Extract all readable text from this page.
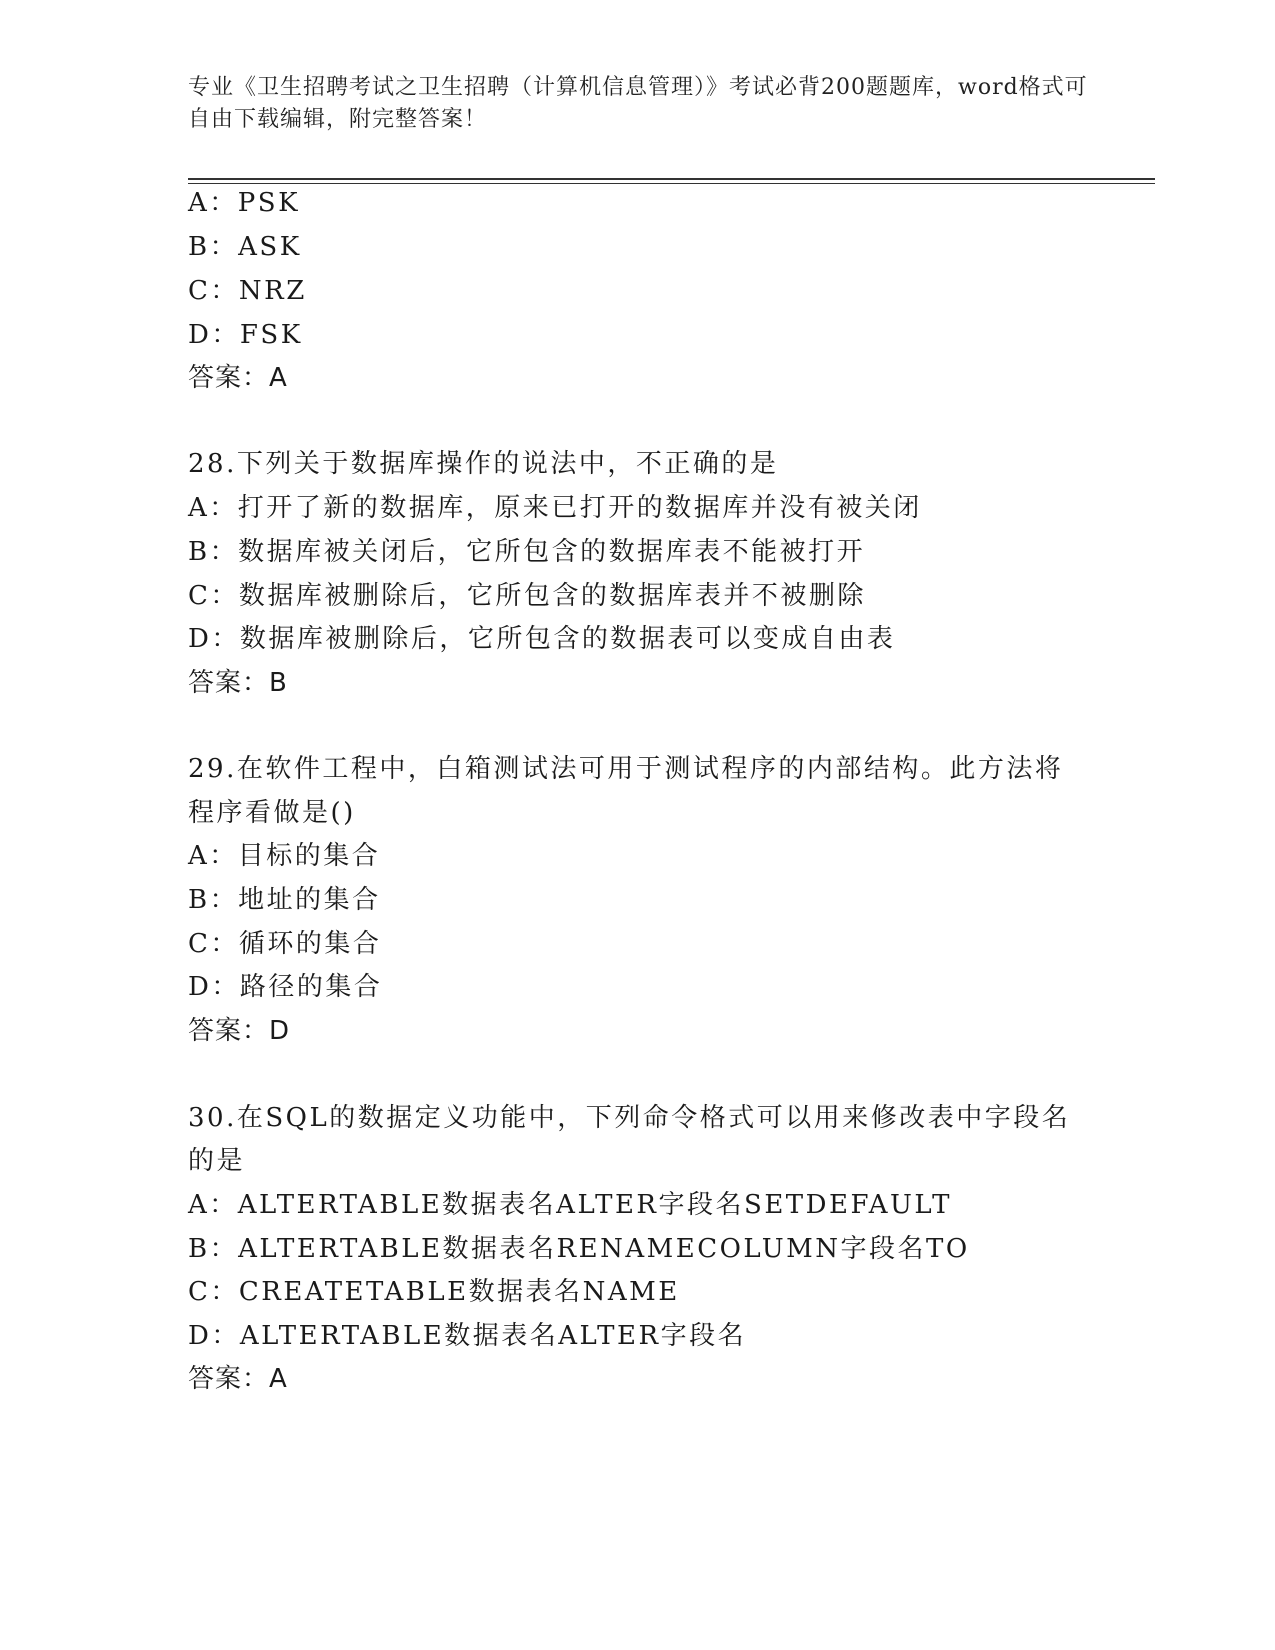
专业《卫生招聘考试之卫生招聘（计算机信息管理）》考试必背200题题库，word格式可自由下载编辑，附完整答案！
A：PSK
B：ASK
C：NRZ
D：FSK
答案：A
28.下列关于数据库操作的说法中，不正确的是
A：打开了新的数据库，原来已打开的数据库并没有被关闭
B：数据库被关闭后，它所包含的数据库表不能被打开
C：数据库被删除后，它所包含的数据库表并不被删除
D：数据库被删除后，它所包含的数据表可以变成自由表
答案：B
29.在软件工程中，白箱测试法可用于测试程序的内部结构。此方法将
程序看做是()
A：目标的集合
B：地址的集合
C：循环的集合
D：路径的集合
答案：D
30.在SQL的数据定义功能中，下列命令格式可以用来修改表中字段名
的是
A：ALTERTABLE数据表名ALTER字段名SETDEFAULT
B：ALTERTABLE数据表名RENAMECOLUMN字段名TO
C：CREATETABLE数据表名NAME
D：ALTERTABLE数据表名ALTER字段名
答案：A
